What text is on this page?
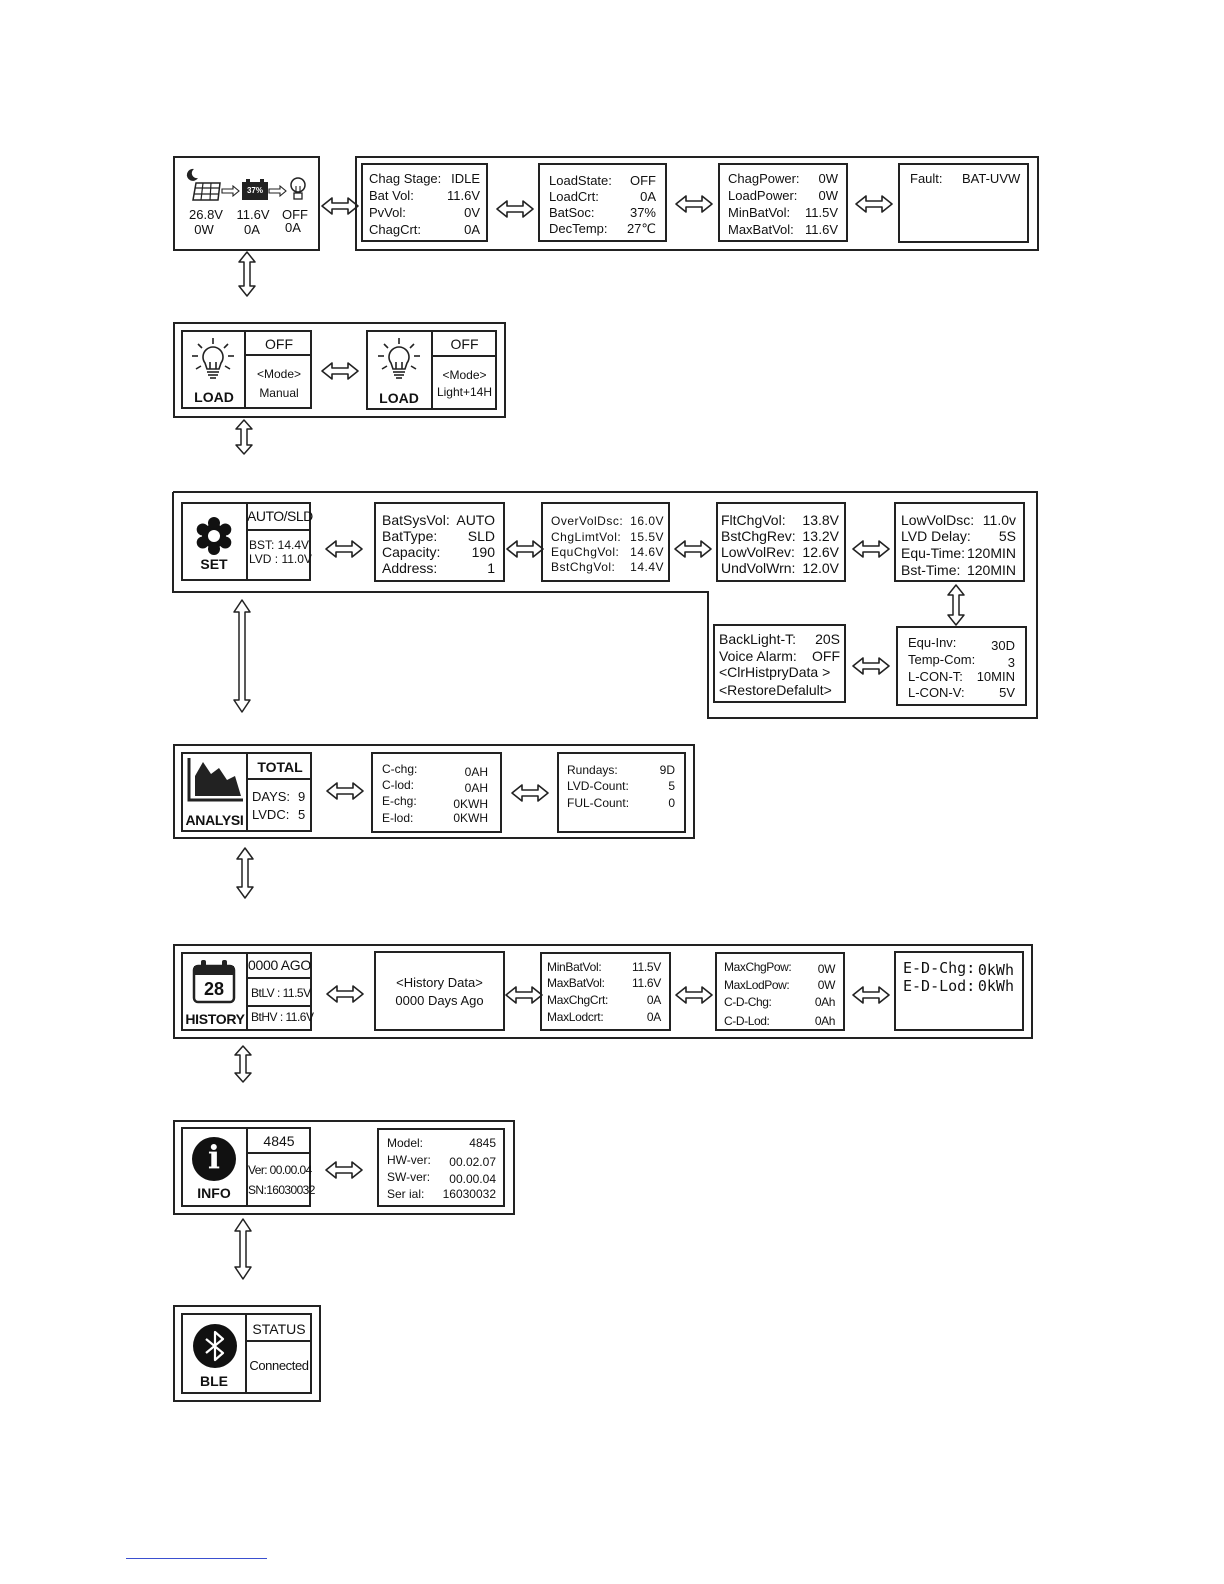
37%
26.8V 11.6V OFF
0W	0A	0A
Chag Stage: IDLE
Bat Vol:	11.6V
PvVol:	0V
ChagCrt:	0A
LoadState: OFF
LoadCrt:	0A
BatSoc:	37%
DecTemp: 27℃
ChagPower: 0W
LoadPower: 0W
MinBatVol: 11.5V
MaxBatVol: 11.6V
Fault: BAT-UVW
LOAD
OFF
<Mode>
Manual	LOAD
OFF
<Mode>
Light+14H
SET
AUTO/SLD
BST: 14.4V
LVD : 11.0V
BatSysVol: AUTO
BatType: SLD
Capacity: 190
Address:	1
OverVolDsc: 16.0V
ChgLimtVol: 15.5V
EquChgVol: 14.6V
BstChgVol: 14.4V
FltChgVol: 13.8V
BstChgRev: 13.2V
LowVolRev: 12.6V
UndVolWrn: 12.0V
LowVolDsc: 11.0v
LVD Delay: 5S
Equ-Time: 120MIN
Bst-Time: 120MIN
BackLight-T: 20S
Voice Alarm: OFF
<ClrHistpryData >
<RestoreDefalult>
Equ-Inv:	30D
Temp-Com:	3
L-CON-T: 10MIN
L-CON-V:	5V
ANALYSI
TOTAL
DAYS: 9
LVDC: 5
C-chg:	0AH
C-lod:	0AH
E-chg:	0KWH
E-lod:	0KWH
Rundays:	9D
LVD-Count:	5
FUL-Count:	0
28
HISTORY
0000 AGO
BtLV : 11.5V
BtHV : 11.6V
<History Data>
0000 Days Ago
MinBatVol:	11.5V
MaxBatVol: 11.6V
MaxChgCrt:	0A
MaxLodcrt:	0A
MaxChgPow: 0W
MaxLodPow: 0W
C-D-Chg:	0Ah
C-D-Lod:	0Ah
E-D-Chg: 0kWh
E-D-Lod: 0kWh
i
INFO
4845
Ver: 00.00.04
SN:16030032
Model:	4845
HW-ver: 00.02.07
SW-ver: 00.00.04
Ser ial: 16030032
BLE
STATUS
Connected
